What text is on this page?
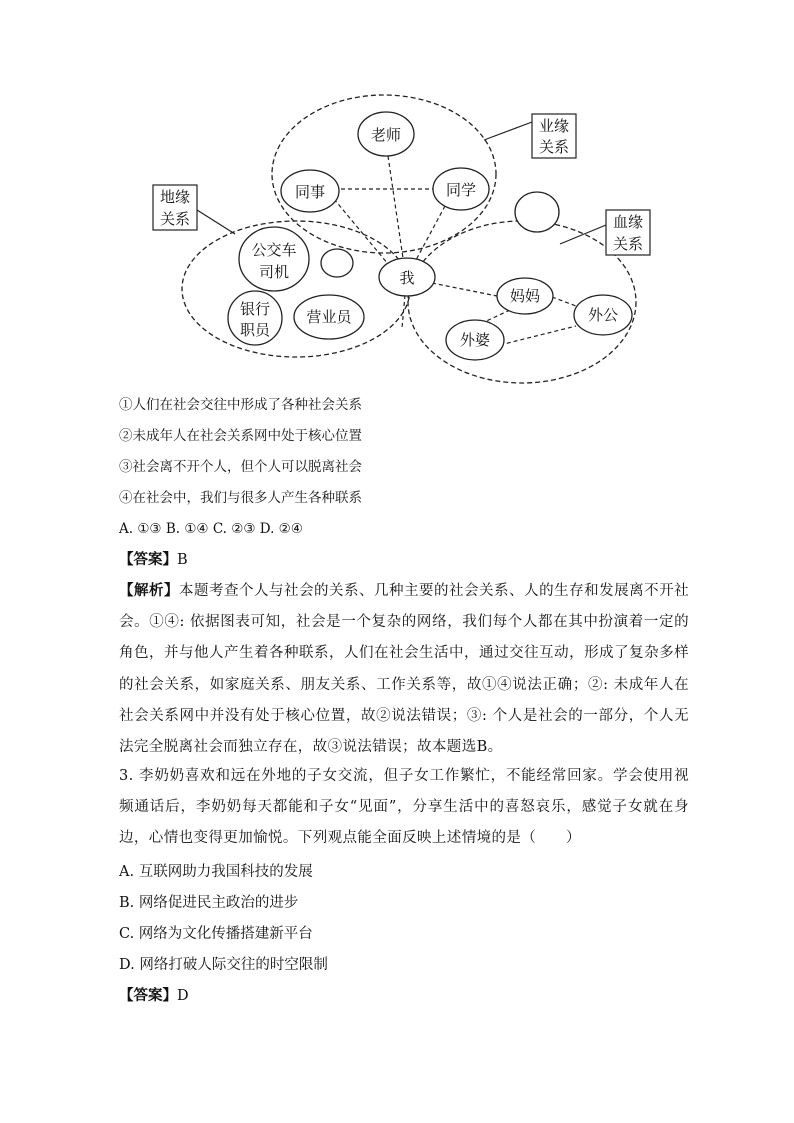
业缘
关系
地缘
关系	血缘
关系
老师
同事	同学
公交车
司机	我
银行
职员
营业员
妈妈
外公
外婆
①人们在社会交往中形成了各种社会关系
②未成年人在社会关系网中处于核心位置
③社会离不开个人，但个人可以脱离社会
④在社会中，我们与很多人产生各种联系
A. ①③ B. ①④ C. ②③ D. ②④
【答案】B
【解析】本题考查个人与社会的关系、几种主要的社会关系、人的生存和发展离不开社会。①④: 依据图表可知，社会是一个复杂的网络，我们每个人都在其中扮演着一定的角色，并与他人产生着各种联系，人们在社会生活中，通过交往互动，形成了复杂多样的社会关系，如家庭关系、朋友关系、工作关系等，故①④说法正确；②: 未成年人在社会关系网中并没有处于核心位置，故②说法错误；③: 个人是社会的一部分，个人无法完全脱离社会而独立存在，故③说法错误；故本题选B。
3. 李奶奶喜欢和远在外地的子女交流，但子女工作繁忙，不能经常回家。学会使用视频通话后，李奶奶每天都能和子女“见面”，分享生活中的喜怒哀乐，感觉子女就在身边，心情也变得更加愉悦。下列观点能全面反映上述情境的是（　　）
A. 互联网助力我国科技的发展
B. 网络促进民主政治的进步
C. 网络为文化传播搭建新平台
D. 网络打破人际交往的时空限制
【答案】D
